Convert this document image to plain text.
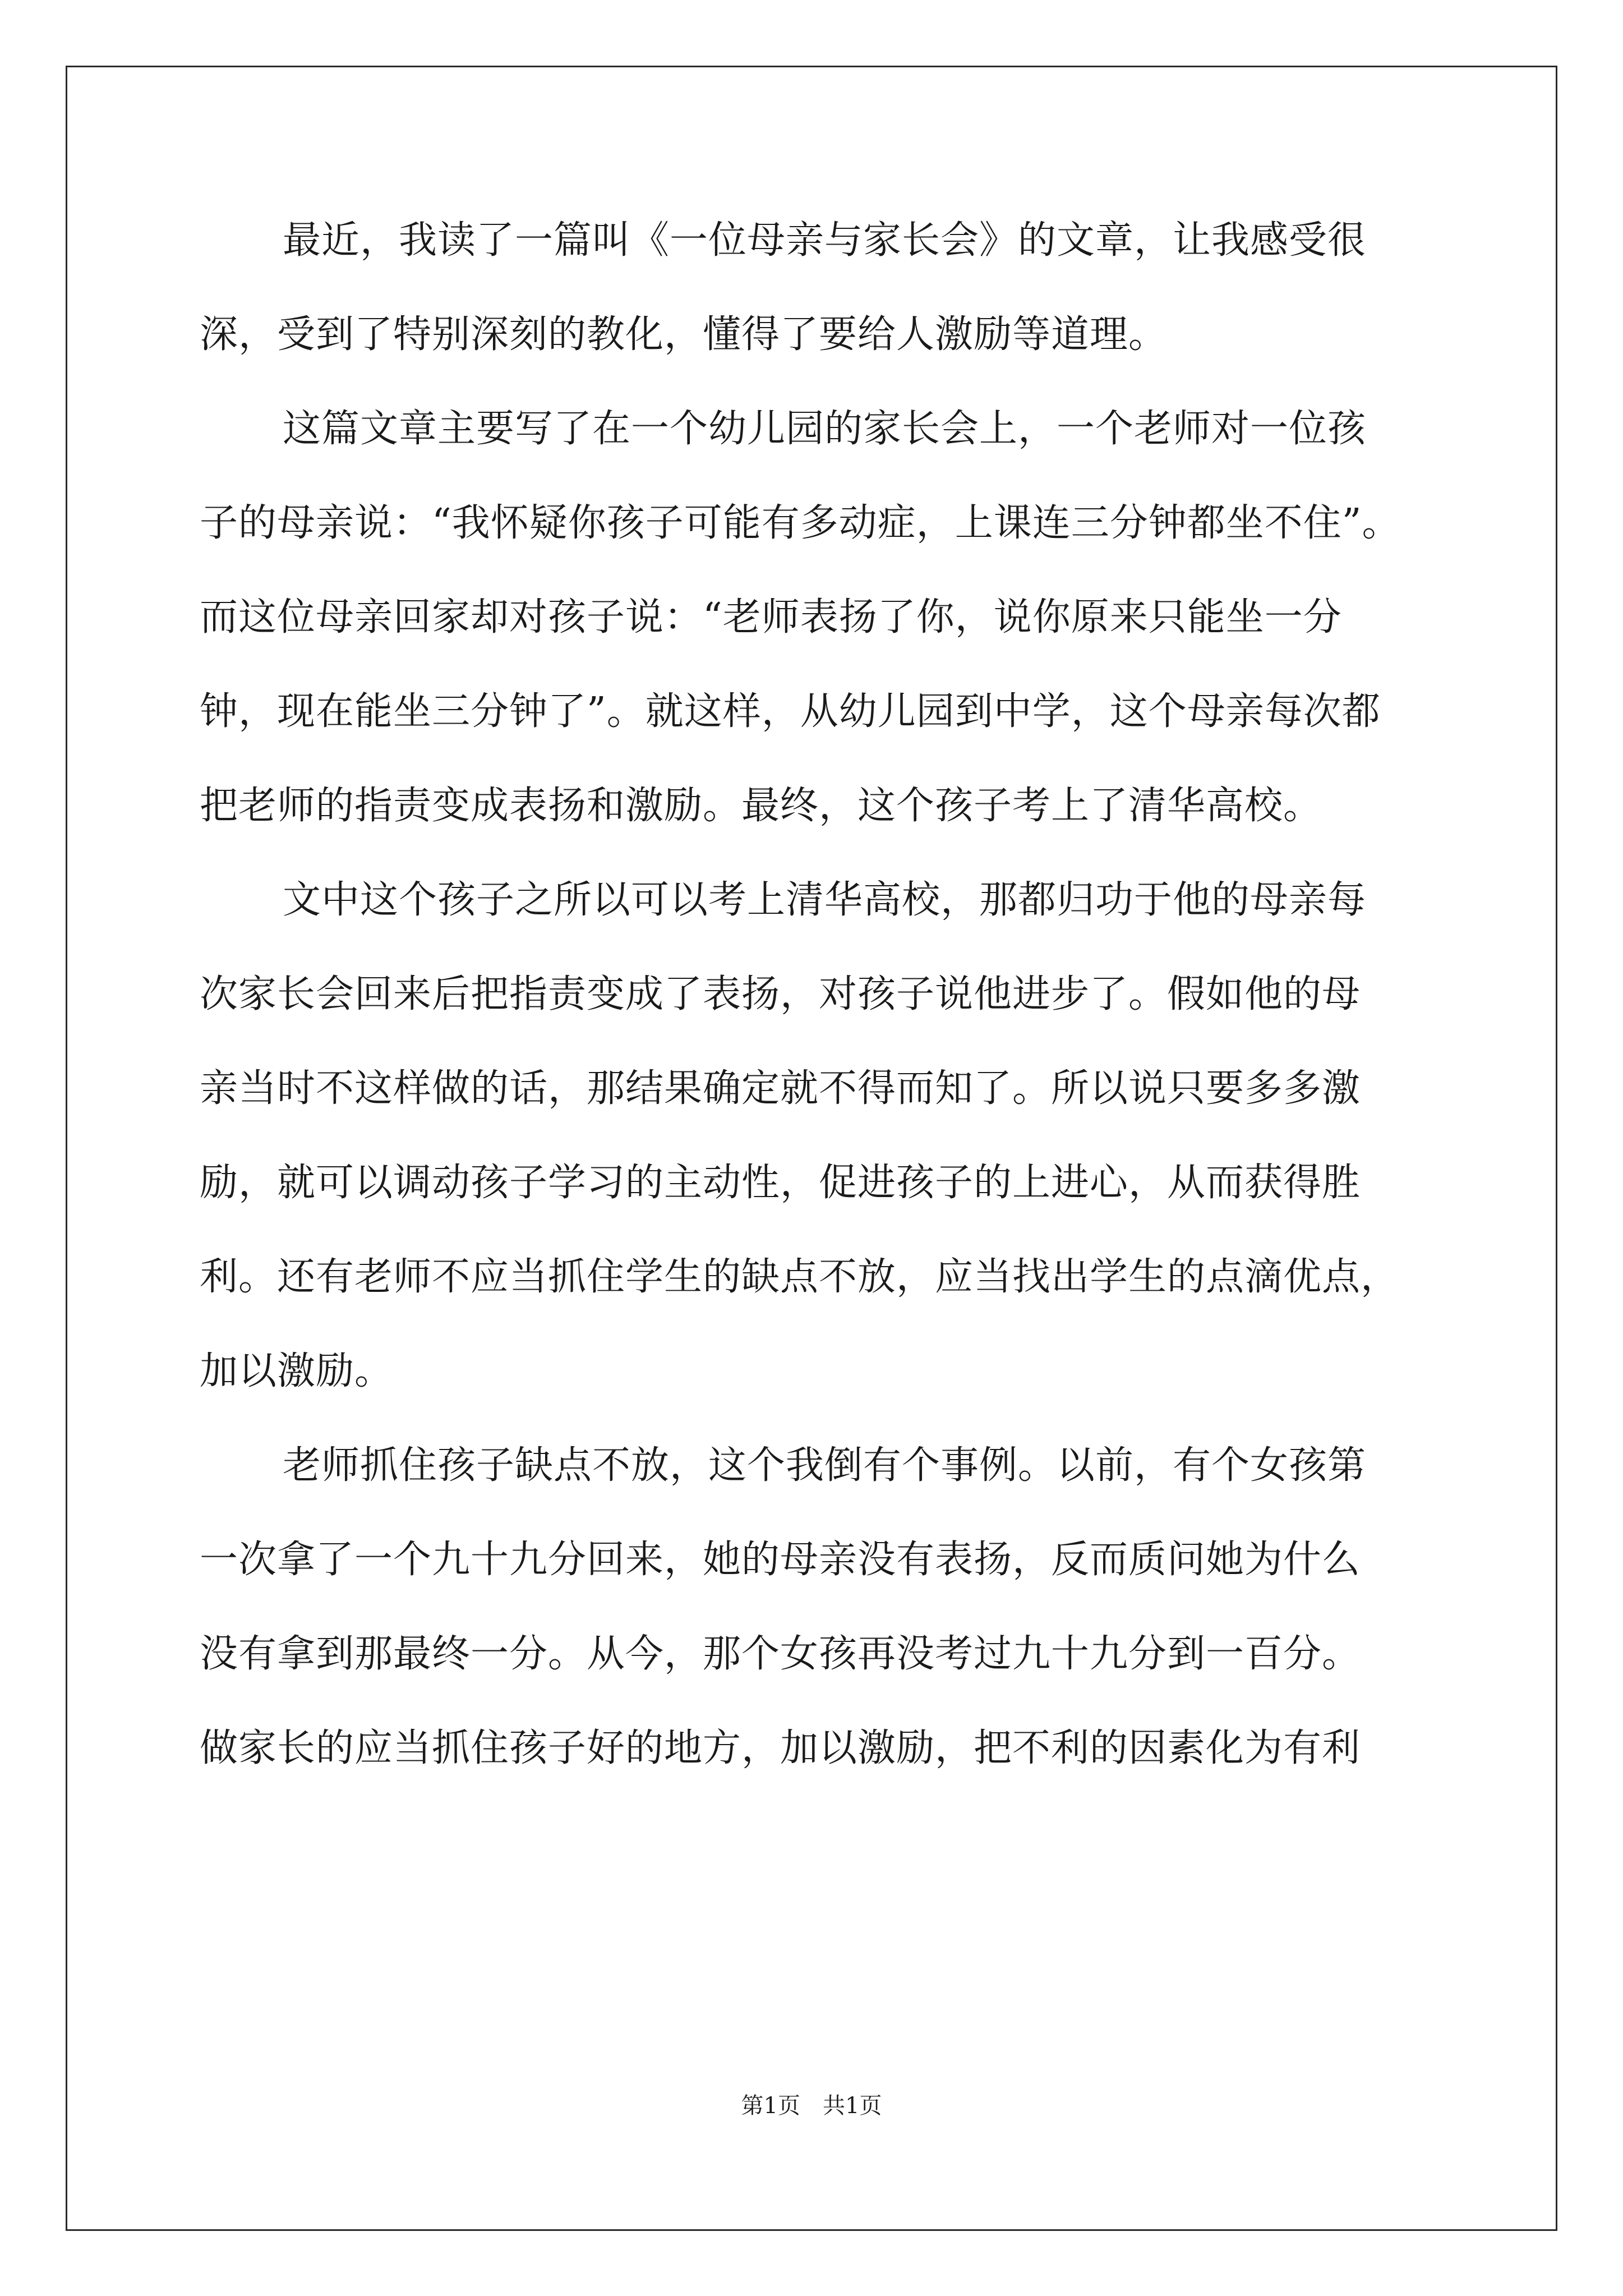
最近，我读了一篇叫《一位母亲与家长会》的文章，让我感受很
深，受到了特别深刻的教化，懂得了要给人激励等道理。
这篇文章主要写了在一个幼儿园的家长会上，一个老师对一位孩
子的母亲说：“我怀疑你孩子可能有多动症，上课连三分钟都坐不住”。
而这位母亲回家却对孩子说：“老师表扬了你，说你原来只能坐一分
钟，现在能坐三分钟了”。就这样，从幼儿园到中学，这个母亲每次都
把老师的指责变成表扬和激励。最终，这个孩子考上了清华高校。
文中这个孩子之所以可以考上清华高校，那都归功于他的母亲每
次家长会回来后把指责变成了表扬，对孩子说他进步了。假如他的母
亲当时不这样做的话，那结果确定就不得而知了。所以说只要多多激
励，就可以调动孩子学习的主动性，促进孩子的上进心，从而获得胜
利。还有老师不应当抓住学生的缺点不放，应当找出学生的点滴优点，
加以激励。
老师抓住孩子缺点不放，这个我倒有个事例。以前，有个女孩第
一次拿了一个九十九分回来，她的母亲没有表扬，反而质问她为什么
没有拿到那最终一分。从今，那个女孩再没考过九十九分到一百分。
做家长的应当抓住孩子好的地方，加以激励，把不利的因素化为有利
第1页 共1页
